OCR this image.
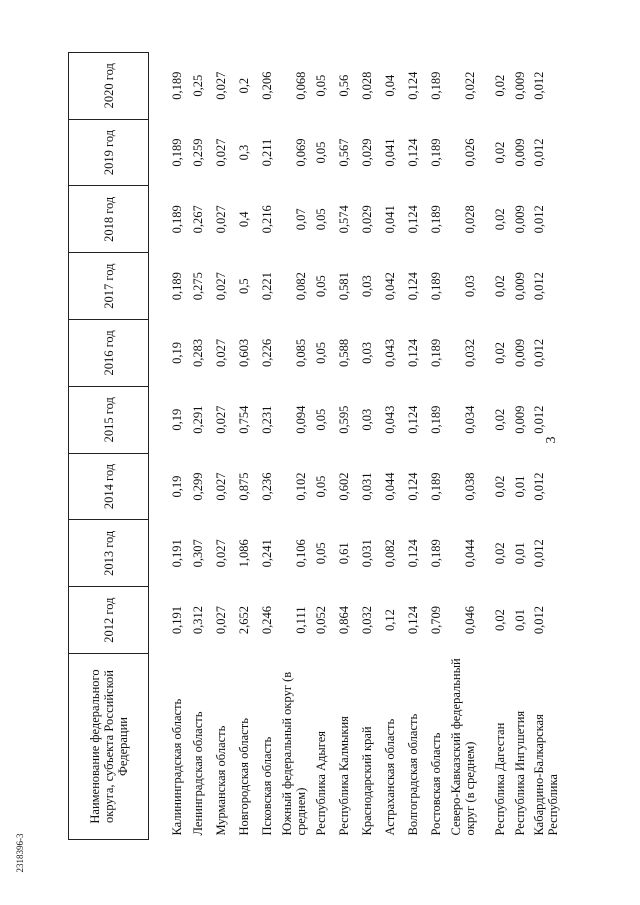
3
2318396-3
Наименование федерального округа, субъекта Российской Федерации	2012 год	2013 год	2014 год	2015 год	2016 год	2017 год	2018 год	2019 год	2020 год
Калининградская область	0,191	0,191	0,19	0,19	0,19	0,189	0,189	0,189	0,189
Ленинградская область	0,312	0,307	0,299	0,291	0,283	0,275	0,267	0,259	0,25
Мурманская область	0,027	0,027	0,027	0,027	0,027	0,027	0,027	0,027	0,027
Новгородская область	2,652	1,086	0,875	0,754	0,603	0,5	0,4	0,3	0,2
Псковская область	0,246	0,241	0,236	0,231	0,226	0,221	0,216	0,211	0,206
Южный федеральный округ (в среднем)	0,111	0,106	0,102	0,094	0,085	0,082	0,07	0,069	0,068
Республика Адыгея	0,052	0,05	0,05	0,05	0,05	0,05	0,05	0,05	0,05
Республика Калмыкия	0,864	0,61	0,602	0,595	0,588	0,581	0,574	0,567	0,56
Краснодарский край	0,032	0,031	0,031	0,03	0,03	0,03	0,029	0,029	0,028
Астраханская область	0,12	0,082	0,044	0,043	0,043	0,042	0,041	0,041	0,04
Волгоградская область	0,124	0,124	0,124	0,124	0,124	0,124	0,124	0,124	0,124
Ростовская область	0,709	0,189	0,189	0,189	0,189	0,189	0,189	0,189	0,189
Северо-Кавказский федеральный округ (в среднем)	0,046	0,044	0,038	0,034	0,032	0,03	0,028	0,026	0,022
Республика Дагестан	0,02	0,02	0,02	0,02	0,02	0,02	0,02	0,02	0,02
Республика Ингушетия	0,01	0,01	0,01	0,009	0,009	0,009	0,009	0,009	0,009
Кабардино-Балкарская Республика	0,012	0,012	0,012	0,012	0,012	0,012	0,012	0,012	0,012
